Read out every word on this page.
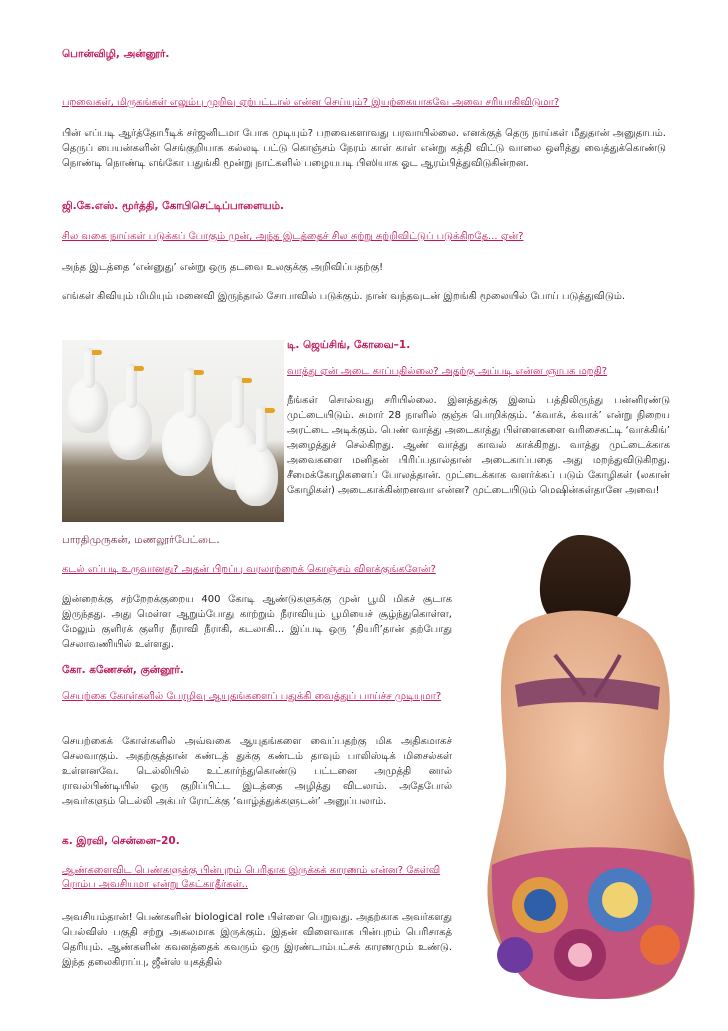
பொன்விழி, அன்னூர்.
பறவைகள், மிருகங்கள் எலும்பு முறிவு ஏற்பட்டால் என்ன செய்யும்? இயற்கையாகவே அவை சரியாகிவிடுமா?
பின் எப்படி ஆர்த்தோபீடிக் சர்ஜனிடமா போக முடியும்? பறவைகளாவது பரவாயில்லை. எனக்குத் தெரு நாய்கள் மீதுதான் அனுதாபம். தெருப் பையன்களின் செங்குறியாக கல்லடி பட்டு கொஞ்சம் நேரம் காள் காள் என்று கத்தி விட்டு வாலை ஒளித்து வைத்துக்கொண்டு நொண்டி நொண்டி எங்கோ பதுங்கி மூன்று நாட்களில் பழையபடி பிஸியாக ஓட ஆரம்பித்துவிடுகின்றன.
ஜி.கே.எஸ். மூர்த்தி, கோபிசெட்டிப்பாளையம்.
சில வகை நாய்கள் படுக்கப் போகும் முன், அந்த இடத்தைச் சில சுற்று சுற்றிவிட்டுப் படுக்கிறதே... ஏன்?
அந்த இடத்தை ‘என்னுது’ என்று ஒரு தடவை உலகுக்கு அறிவிப்பதற்கு!
எங்கள் கிவியும் மிமியும் மனைவி இருந்தால் சோபாவில் படுக்கும். நான் வந்தவுடன் இறங்கி மூலையில் போய் படுத்துவிடும்.
டி. ஜெய்சிங், கோவை–1.
வாத்து ஏன் அடை காப்பதில்லை? அதற்கு அப்படி என்ன ஞாபக மறதி?
நீங்கள் சொல்வது சரியில்லை. இனத்துக்கு இனம் பத்திலிருந்து பன்னிரண்டு முட்டையிடும். சுமார் 28 நாளில் குஞ்சு பொறிக்கும். ‘க்வாக், க்வாக்’ என்று நிறைய அரட்டை அடிக்கும். பெண் வாத்து அடைகாத்து பிள்ளைகளை வரிசைகட்டி ‘வாக்கிங்’ அழைத்துச் செல்கிறது. ஆண் வாத்து காவல் காக்கிறது. வாத்து முட்டைக்காக அவைகளை மனிதன் பிரிப்பதால்தான் அடைகாப்பதை அது மறந்துவிடுகிறது. சீமைக்கோழிகளைப் போலத்தான். முட்டைக்காக வளர்க்கப் படும் கோழிகள் (லகான் கோழிகள்) அடைகாக்கின்றனவா என்ன? முட்டையிடும் மெஷின்கள்தானே அவை!
பாரதிமுருகன், மணலூர்பேட்டை.
கடல் எப்படி உருவானது? அதன் பிறப்பு வரலாற்றைக் கொஞ்சம் விளக்குங்களேன்?
இன்றைக்கு சற்றேறக்குறைய 400 கோடி ஆண்டுகளுக்கு முன் பூமி மிகச் சூடாக இருந்தது. அது மெள்ள ஆறும்போது காற்றும் நீராவியும் பூமியைச் சூழ்ந்துகொள்ள, மேலும் குளிரக் குளிர நீராவி நீராகி, கடலாகி... இப்படி ஒரு ‘தியரி’தான் தற்போது செலாவணியில் உள்ளது.
கோ. கணேசன், குன்னூர்.
செயற்கை கோள்களில் பேரழிவு ஆயுதங்களைப் பதுக்கி வைத்துப் பாய்ச்ச முடியுமா?
செயற்கைக் கோள்களில் அவ்வகை ஆயுதங்களை வைப்பதற்கு மிக அதிகமாகச் செலவாகும். அதற்குத்தான் கண்டத் துக்கு கண்டம் தாவும் பாலிஸ்டிக் மிசைல்கள் உள்ளனவே. டெல்லியில் உட்கார்ந்துகொண்டு பட்டனை அமுத்தி னால் ராவல்பிண்டியில் ஒரு குறிப்பிட்ட இடத்தை அழித்து விடலாம். அதேபோல் அவர்களும் டெல்லி அக்பர் ரோட்க்கு ‘வாழ்த்துக்களுடன்’ அனுப்பலாம்.
க. இரவி, சென்னை–20.
ஆண்களைவிட பெண்களுக்கு பின்புறம் பெரிதாக இருக்கக் காரணம் என்ன? கேள்வி ரொம்ப அவசியமா என்று கேட்காதீர்கள்..
அவசியம்தான்! பெண்களின் biological role பிள்ளை பெறுவது. அதற்காக அவர்களது பெல்விஸ் பகுதி சற்று அகலமாக இருக்கும். இதன் விளைவாக பின்புறம் பெரிசாகத் தெரியும். ஆண்களின் கவனத்தைக் கவரும் ஒரு இரண்டாம்பட்சக் காரணமும் உண்டு. இந்த தலைகிராப்பு, ஜீன்ஸ் யுகத்தில்
